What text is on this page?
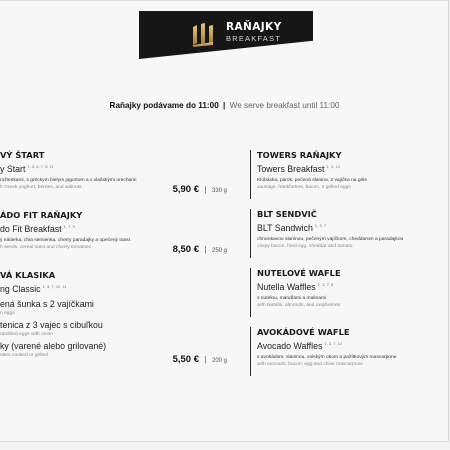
RAŇAJKY
BREAKFAST
Raňajky podávame do 11:00 | We serve breakfast until 11:00
VÝ ŠTART
y Start $^{1, 3, 6, 7, 8, 11}$
rožienkami, s gréckym bielym jogurtom a s vlašskými orechami
h Greek yoghurt, berries, and walnuts	5,90 € | 330 g
ÁDO FIT RAŇAJKY
do Fit Breakfast $^{1, 7, 9}$
ý nátierka, chia semienka, cherry paradajky a opečený toast
h seeds, cereal toast and cherry tomatoes	8,50 € | 250 g
VÁ KLASIKA
ng Classic $^{1, 3, 7, 10, 11}$
ená šunka s 2 vajíčkami
n eggs
tenica z 3 vajec s cibuľkou
rambled eggs with onion
ky (varené alebo grilované)
sters cooked or grilled	5,50 € | 200 g
TOWERS RAŇAJKY
Towers Breakfast $^{1, 3, 10}$
Klobáska, párok, pečená slanina, 2 vajíčka na grile
sausage, frankfurters, bacon, 2 grilled eggs
BLT SENDVIČ
BLT Sandwich $^{1, 3, 7}$
chrumkavou slaninou, pečeným vajíčkom, cheddarom a paradajkou
crispy bacon, fried egg, cheddar and tomato
NUTELOVÉ WAFLE
Nutella Waffles $^{1, 3, 7, 8}$
s nutelou, mandľami a malinami
with Nutella, almonds, and raspberries
AVOKÁDOVÉ WAFLE
Avocado Waffles $^{1, 3, 7, 12}$
s avokádom, slaninou, volským okom a pažítkovým mascarpone
with avocado, bacon, egg and chive mascarpone
